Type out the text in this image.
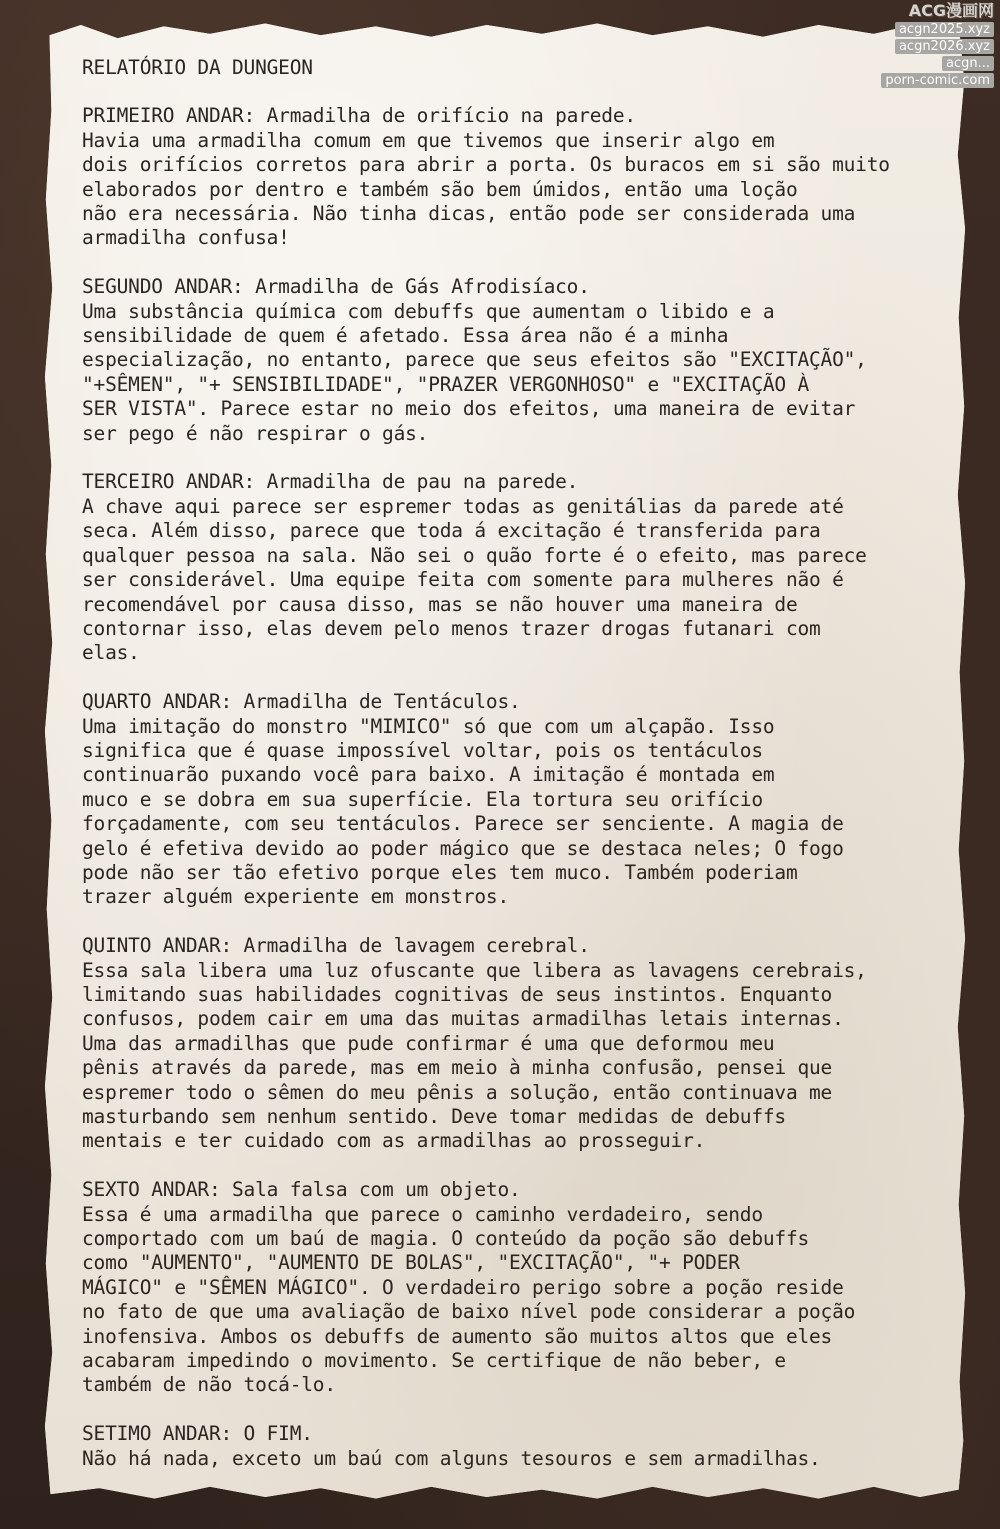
ACG漫画网
acgn2025.xyz
acgn2026.xyz
acgn...
porn-comic.com
RELATÓRIO DA DUNGEON

PRIMEIRO ANDAR: Armadilha de orifício na parede.

Havia uma armadilha comum em que tivemos que inserir algo em
dois orifícios corretos para abrir a porta. Os buracos em si são muito
elaborados por dentro e também são bem úmidos, então uma loção
não era necessária. Não tinha dicas, então pode ser considerada uma
armadilha confusa!

SEGUNDO ANDAR: Armadilha de Gás Afrodisíaco.

Uma substância química com debuffs que aumentam o libido e a
sensibilidade de quem é afetado. Essa área não é a minha
especialização, no entanto, parece que seus efeitos são "EXCITAÇÃO",
"+SÊMEN", "+ SENSIBILIDADE", "PRAZER VERGONHOSO" e "EXCITAÇÃO À
SER VISTA". Parece estar no meio dos efeitos, uma maneira de evitar
ser pego é não respirar o gás.

TERCEIRO ANDAR: Armadilha de pau na parede.

A chave aqui parece ser espremer todas as genitálias da parede até
seca. Além disso, parece que toda á excitação é transferida para
qualquer pessoa na sala. Não sei o quão forte é o efeito, mas parece
ser considerável. Uma equipe feita com somente para mulheres não é
recomendável por causa disso, mas se não houver uma maneira de
contornar isso, elas devem pelo menos trazer drogas futanari com
elas.

QUARTO ANDAR: Armadilha de Tentáculos.

Uma imitação do monstro "MIMICO" só que com um alçapão. Isso
significa que é quase impossível voltar, pois os tentáculos
continuarão puxando você para baixo. A imitação é montada em
muco e se dobra em sua superfície. Ela tortura seu orifício
forçadamente, com seu tentáculos. Parece ser senciente. A magia de
gelo é efetiva devido ao poder mágico que se destaca neles; O fogo
pode não ser tão efetivo porque eles tem muco. Também poderiam
trazer alguém experiente em monstros.

QUINTO ANDAR: Armadilha de lavagem cerebral.

Essa sala libera uma luz ofuscante que libera as lavagens cerebrais,
limitando suas habilidades cognitivas de seus instintos. Enquanto
confusos, podem cair em uma das muitas armadilhas letais internas.
Uma das armadilhas que pude confirmar é uma que deformou meu
pênis através da parede, mas em meio à minha confusão, pensei que
espremer todo o sêmen do meu pênis a solução, então continuava me
masturbando sem nenhum sentido. Deve tomar medidas de debuffs
mentais e ter cuidado com as armadilhas ao prosseguir.

SEXTO ANDAR: Sala falsa com um objeto.

Essa é uma armadilha que parece o caminho verdadeiro, sendo
comportado com um baú de magia. O conteúdo da poção são debuffs
como "AUMENTO", "AUMENTO DE BOLAS", "EXCITAÇÃO", "+ PODER
MÁGICO" e "SÊMEN MÁGICO". O verdadeiro perigo sobre a poção reside
no fato de que uma avaliação de baixo nível pode considerar a poção
inofensiva. Ambos os debuffs de aumento são muitos altos que eles
acabaram impedindo o movimento. Se certifique de não beber, e
também de não tocá-lo.

SETIMO ANDAR: O FIM.

Não há nada, exceto um baú com alguns tesouros e sem armadilhas.
